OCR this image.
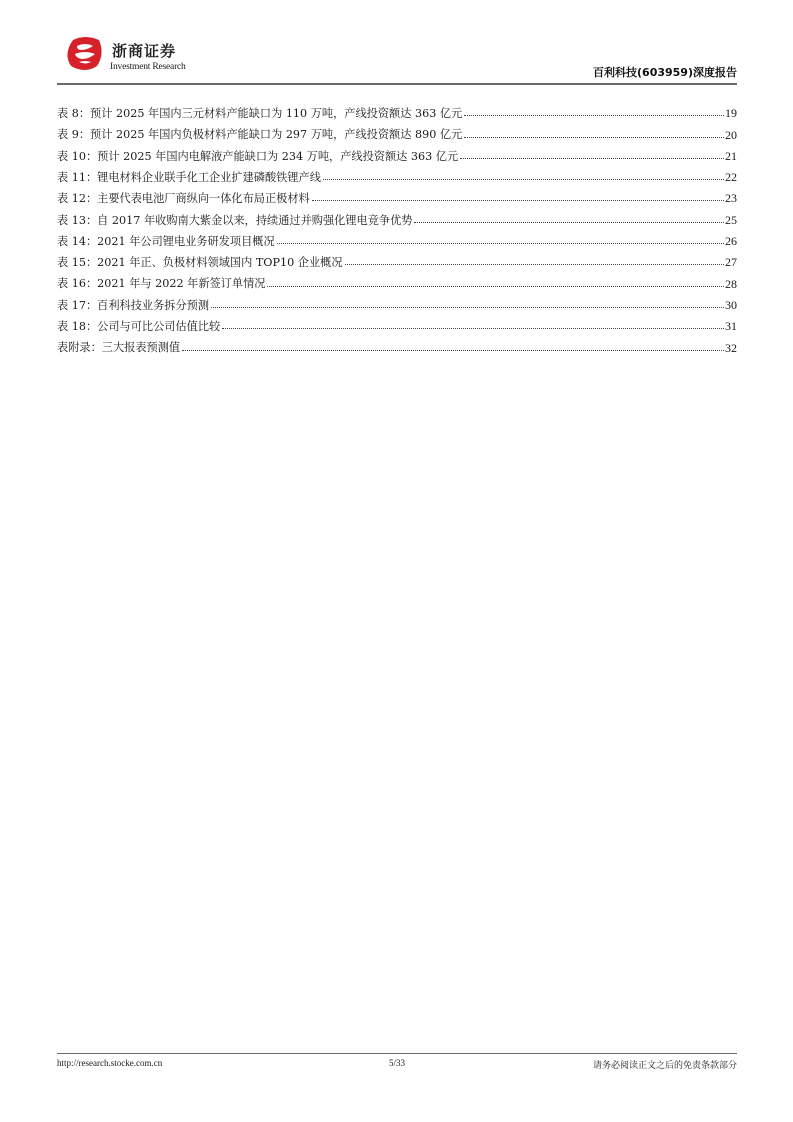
浙商证券
Investment Research	百利科技(603959)深度报告
表 8：预计 2025 年国内三元材料产能缺口为 110 万吨，产线投资额达 363 亿元	19
表 9：预计 2025 年国内负极材料产能缺口为 297 万吨，产线投资额达 890 亿元	20
表 10：预计 2025 年国内电解液产能缺口为 234 万吨，产线投资额达 363 亿元	21
表 11：锂电材料企业联手化工企业扩建磷酸铁锂产线	22
表 12：主要代表电池厂商纵向一体化布局正极材料	23
表 13：自 2017 年收购南大紫金以来，持续通过并购强化锂电竞争优势	25
表 14：2021 年公司锂电业务研发项目概况	26
表 15：2021 年正、负极材料领域国内 TOP10 企业概况	27
表 16：2021 年与 2022 年新签订单情况	28
表 17：百利科技业务拆分预测	30
表 18：公司与可比公司估值比较	31
表附录：三大报表预测值	32
http://research.stocke.com.cn	5/33	请务必阅读正文之后的免责条款部分
